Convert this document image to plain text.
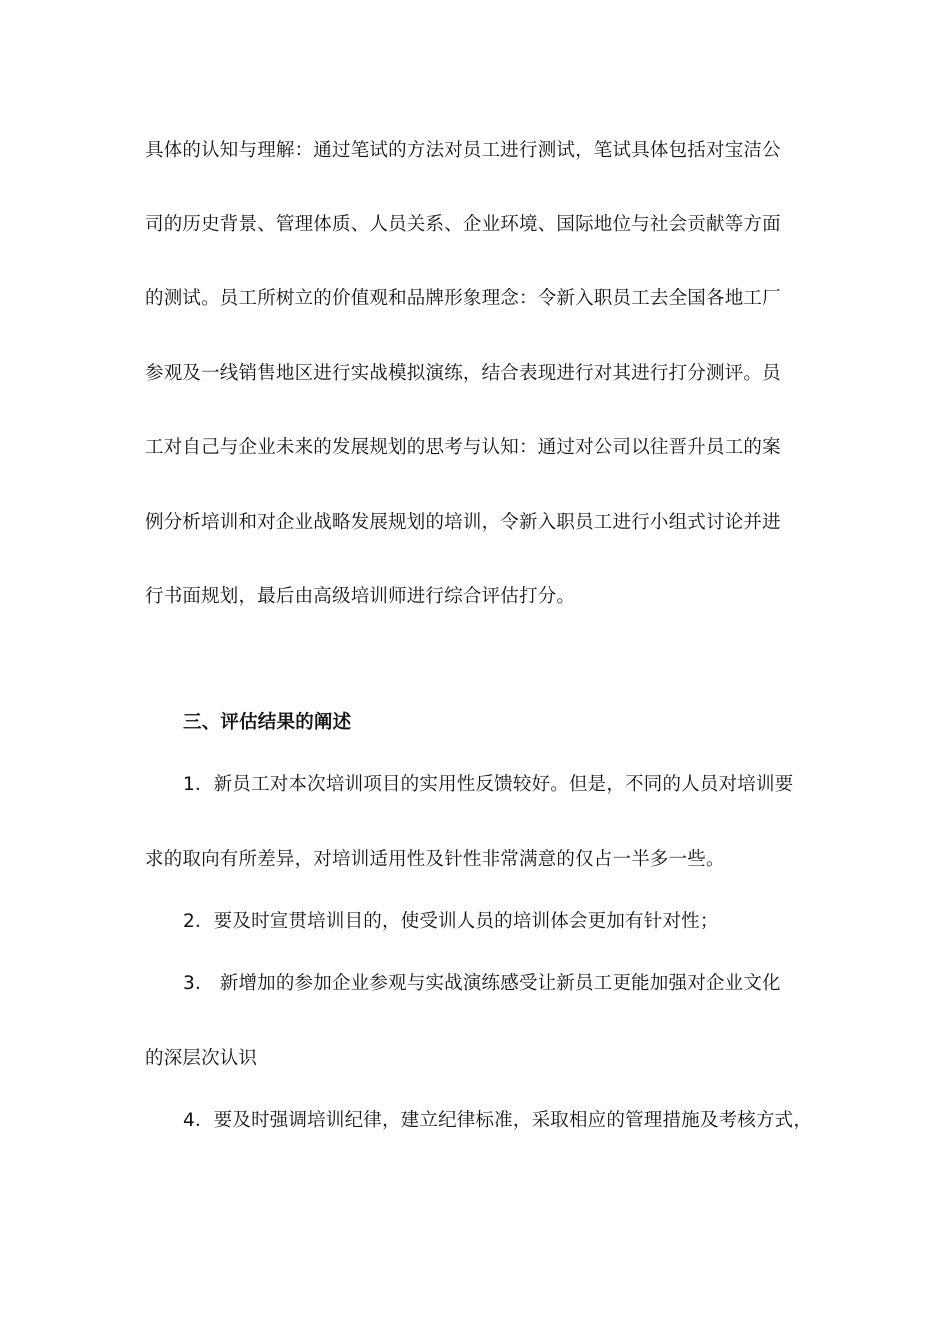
具体的认知与理解：通过笔试的方法对员工进行测试，笔试具体包括对宝洁公
司的历史背景、管理体质、人员关系、企业环境、国际地位与社会贡献等方面
的测试。员工所树立的价值观和品牌形象理念：令新入职员工去全国各地工厂
参观及一线销售地区进行实战模拟演练，结合表现进行对其进行打分测评。员
工对自己与企业未来的发展规划的思考与认知：通过对公司以往晋升员工的案
例分析培训和对企业战略发展规划的培训，令新入职员工进行小组式讨论并进
行书面规划，最后由高级培训师进行综合评估打分。
三、评估结果的阐述
1．新员工对本次培训项目的实用性反馈较好。但是，不同的人员对培训要
求的取向有所差异，对培训适用性及针性非常满意的仅占一半多一些。
2．要及时宣贯培训目的，使受训人员的培训体会更加有针对性；
3． 新增加的参加企业参观与实战演练感受让新员工更能加强对企业文化
的深层次认识
4．要及时强调培训纪律，建立纪律标准，采取相应的管理措施及考核方式，
